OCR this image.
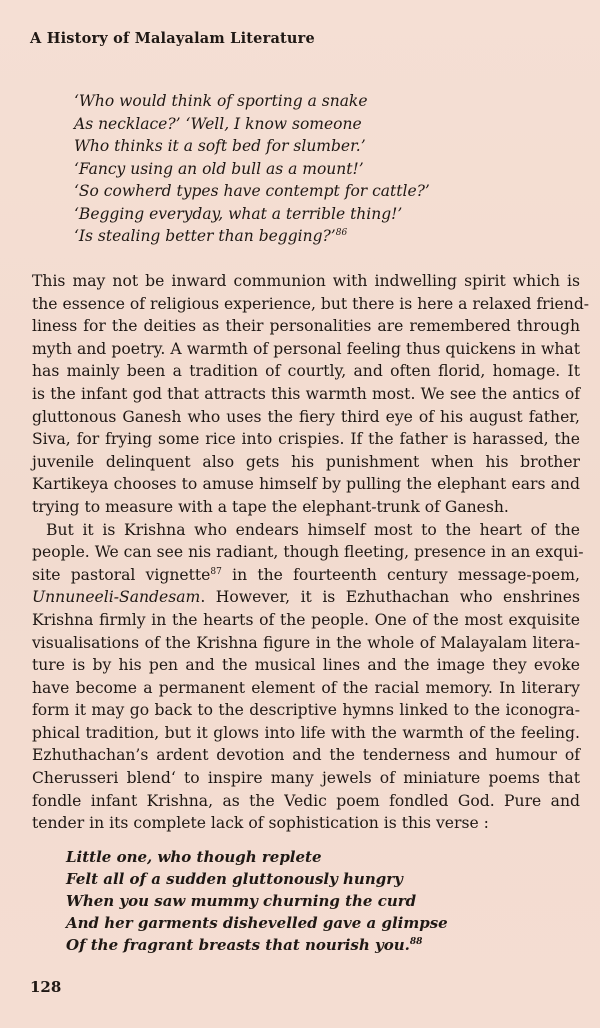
A History of Malayalam Literature
‘Who would think of sporting a snake
As necklace?’ ‘Well, I know someone
Who thinks it a soft bed for slumber.’
‘Fancy using an old bull as a mount!’
‘So cowherd types have contempt for cattle?’
‘Begging everyday, what a terrible thing!’
‘Is stealing better than begging?’$^{86}$

This may not be inward communion with indwelling spirit which is
the essence of religious experience, but there is here a relaxed friend-
liness for the deities as their personalities are remembered through
myth and poetry. A warmth of personal feeling thus quickens in what
has mainly been a tradition of courtly, and often florid, homage. It
is the infant god that attracts this warmth most. We see the antics of
gluttonous Ganesh who uses the fiery third eye of his august father,
Siva, for frying some rice into crispies. If the father is harassed, the
juvenile delinquent also gets his punishment when his brother
Kartikeya chooses to amuse himself by pulling the elephant ears and
trying to measure with a tape the elephant-trunk of Ganesh.

But it is Krishna who endears himself most to the heart of the
people. We can see nis radiant, though fleeting, presence in an exqui-
site pastoral vignette$^{87}$ in the fourteenth century message-poem,
Unnuneeli-Sandesam. However, it is Ezhuthachan who enshrines
Krishna firmly in the hearts of the people. One of the most exquisite
visualisations of the Krishna figure in the whole of Malayalam litera-
ture is by his pen and the musical lines and the image they evoke
have become a permanent element of the racial memory. In literary
form it may go back to the descriptive hymns linked to the iconogra-
phical tradition, but it glows into life with the warmth of the feeling.
Ezhuthachan’s ardent devotion and the tenderness and humour of
Cherusseri blend‘ to inspire many jewels of miniature poems that
fondle infant Krishna, as the Vedic poem fondled God. Pure and
tender in its complete lack of sophistication is this verse :

Little one, who though replete
Felt all of a sudden gluttonously hungry
When you saw mummy churning the curd
And her garments dishevelled gave a glimpse
Of the fragrant breasts that nourish you.$^{88}$
128
